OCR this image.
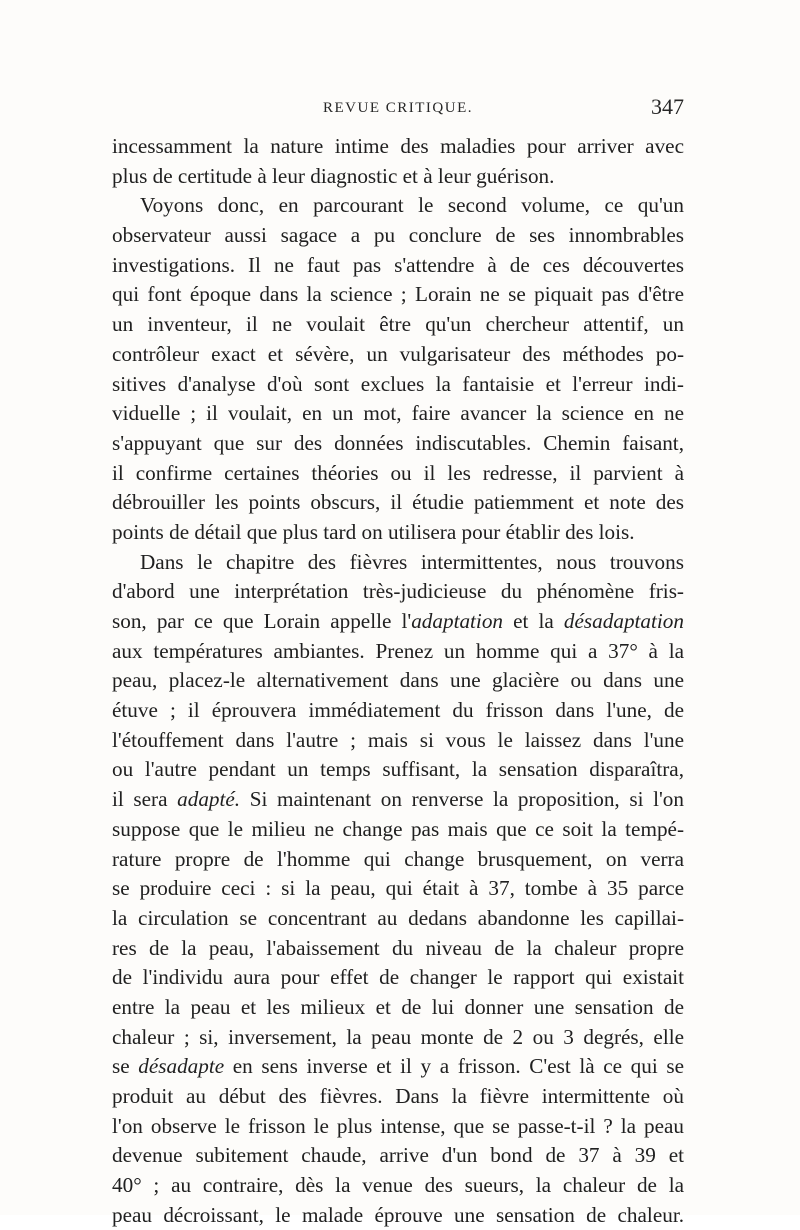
REVUE CRITIQUE.	347
incessamment la nature intime des maladies pour arriver avec
plus de certitude à leur diagnostic et à leur guérison.
Voyons donc, en parcourant le second volume, ce qu'un
observateur aussi sagace a pu conclure de ses innombrables
investigations. Il ne faut pas s'attendre à de ces découvertes
qui font époque dans la science ; Lorain ne se piquait pas d'être
un inventeur, il ne voulait être qu'un chercheur attentif, un
contrôleur exact et sévère, un vulgarisateur des méthodes po-
sitives d'analyse d'où sont exclues la fantaisie et l'erreur indi-
viduelle ; il voulait, en un mot, faire avancer la science en ne
s'appuyant que sur des données indiscutables. Chemin faisant,
il confirme certaines théories ou il les redresse, il parvient à
débrouiller les points obscurs, il étudie patiemment et note des
points de détail que plus tard on utilisera pour établir des lois.
Dans le chapitre des fièvres intermittentes, nous trouvons
d'abord une interprétation très-judicieuse du phénomène fris-
son, par ce que Lorain appelle l'adaptation et la désadaptation
aux températures ambiantes. Prenez un homme qui a 37° à la
peau, placez-le alternativement dans une glacière ou dans une
étuve ; il éprouvera immédiatement du frisson dans l'une, de
l'étouffement dans l'autre ; mais si vous le laissez dans l'une
ou l'autre pendant un temps suffisant, la sensation disparaîtra,
il sera adapté. Si maintenant on renverse la proposition, si l'on
suppose que le milieu ne change pas mais que ce soit la tempé-
rature propre de l'homme qui change brusquement, on verra
se produire ceci : si la peau, qui était à 37, tombe à 35 parce
la circulation se concentrant au dedans abandonne les capillai-
res de la peau, l'abaissement du niveau de la chaleur propre
de l'individu aura pour effet de changer le rapport qui existait
entre la peau et les milieux et de lui donner une sensation de
chaleur ; si, inversement, la peau monte de 2 ou 3 degrés, elle
se désadapte en sens inverse et il y a frisson. C'est là ce qui se
produit au début des fièvres. Dans la fièvre intermittente où
l'on observe le frisson le plus intense, que se passe-t-il ? la peau
devenue subitement chaude, arrive d'un bond de 37 à 39 et
40° ; au contraire, dès la venue des sueurs, la chaleur de la
peau décroissant, le malade éprouve une sensation de chaleur.
